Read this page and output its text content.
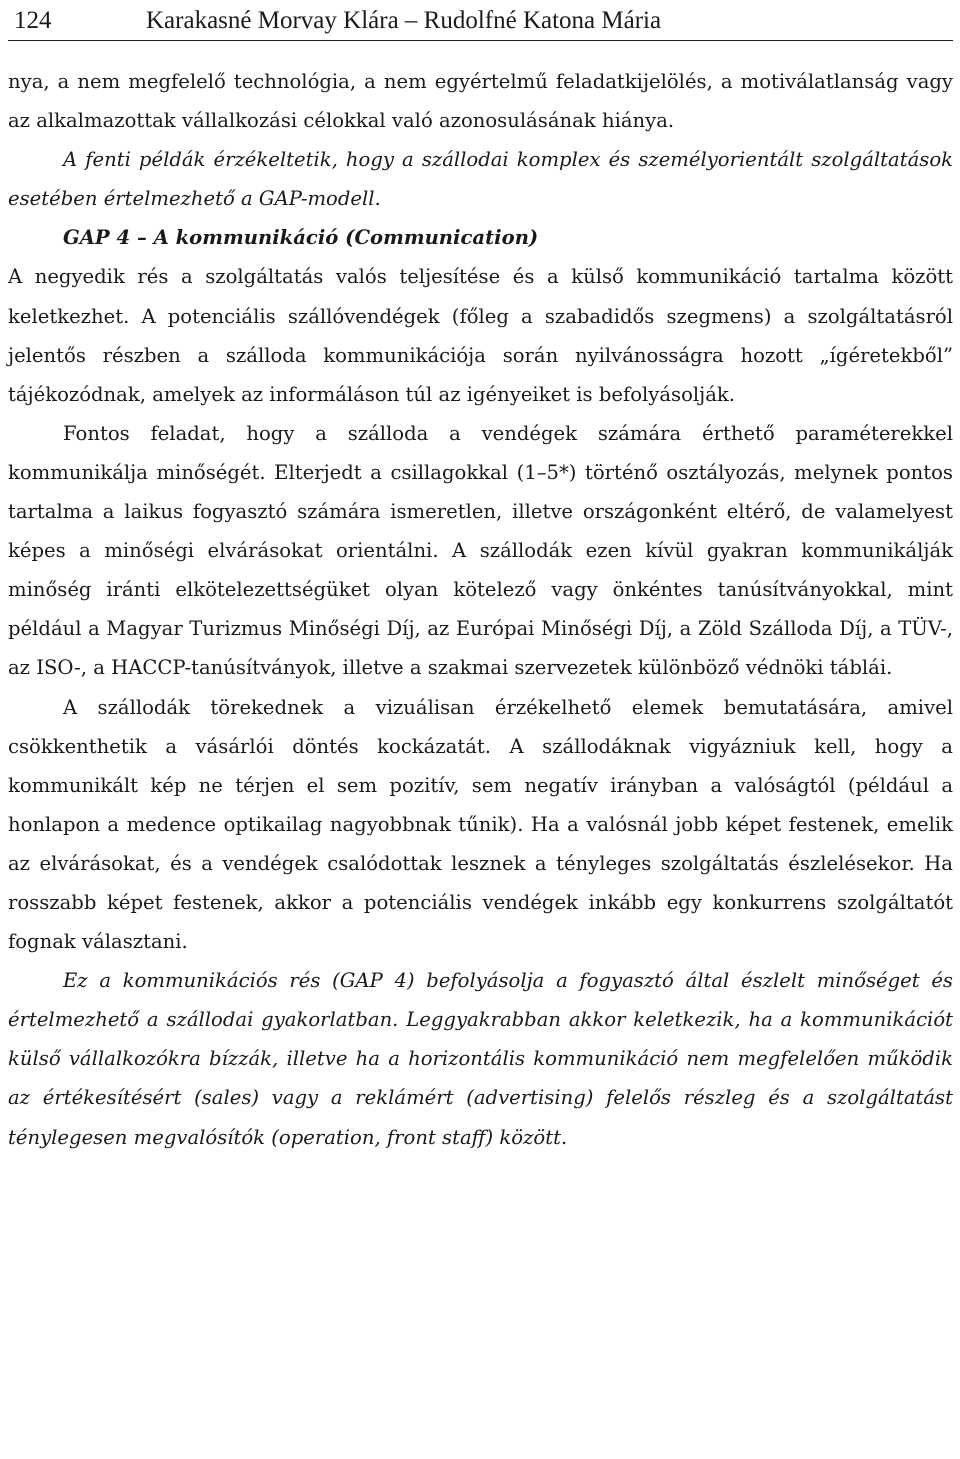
124	Karakasné Morvay Klára – Rudolfné Katona Mária

nya, a nem megfelelő technológia, a nem egyértelmű feladatkijelölés, a motiválatlanság vagy az alkalmazottak vállalkozási célokkal való azonosulásának hiánya.

A fenti példák érzékeltetik, hogy a szállodai komplex és személyorientált szolgáltatások esetében értelmezhető a GAP-modell.

GAP 4 – A kommunikáció (Communication)

A negyedik rés a szolgáltatás valós teljesítése és a külső kommunikáció tartalma között keletkezhet. A potenciális szállóvendégek (főleg a szabadidős szegmens) a szolgáltatásról jelentős részben a szálloda kommunikációja során nyilvánosságra hozott „ígéretekből” tájékozódnak, amelyek az informáláson túl az igényeiket is befolyásolják.

Fontos feladat, hogy a szálloda a vendégek számára érthető paraméterekkel kommunikálja minőségét. Elterjedt a csillagokkal (1–5*) történő osztályozás, melynek pontos tartalma a laikus fogyasztó számára ismeretlen, illetve országonként eltérő, de valamelyest képes a minőségi elvárásokat orientálni. A szállodák ezen kívül gyakran kommunikálják minőség iránti elkötelezettségüket olyan kötelező vagy önkéntes tanúsítványokkal, mint például a Magyar Turizmus Minőségi Díj, az Európai Minőségi Díj, a Zöld Szálloda Díj, a TÜV-, az ISO-, a HACCP-tanúsítványok, illetve a szakmai szervezetek különböző védnöki táblái.

A szállodák törekednek a vizuálisan érzékelhető elemek bemutatására, amivel csökkenthetik a vásárlói döntés kockázatát. A szállodáknak vigyázniuk kell, hogy a kommunikált kép ne térjen el sem pozitív, sem negatív irányban a valóságtól (például a honlapon a medence optikailag nagyobbnak tűnik). Ha a valósnál jobb képet festenek, emelik az elvárásokat, és a vendégek csalódottak lesznek a tényleges szolgáltatás észlelésekor. Ha rosszabb képet festenek, akkor a potenciális vendégek inkább egy konkurrens szolgáltatót fognak választani.

Ez a kommunikációs rés (GAP 4) befolyásolja a fogyasztó által észlelt minőséget és értelmezhető a szállodai gyakorlatban. Leggyakrabban akkor keletkezik, ha a kommunikációt külső vállalkozókra bízzák, illetve ha a horizontális kommunikáció nem megfelelően működik az értékesítésért (sales) vagy a reklámért (advertising) felelős részleg és a szolgáltatást ténylegesen megvalósítók (operation, front staff) között.
